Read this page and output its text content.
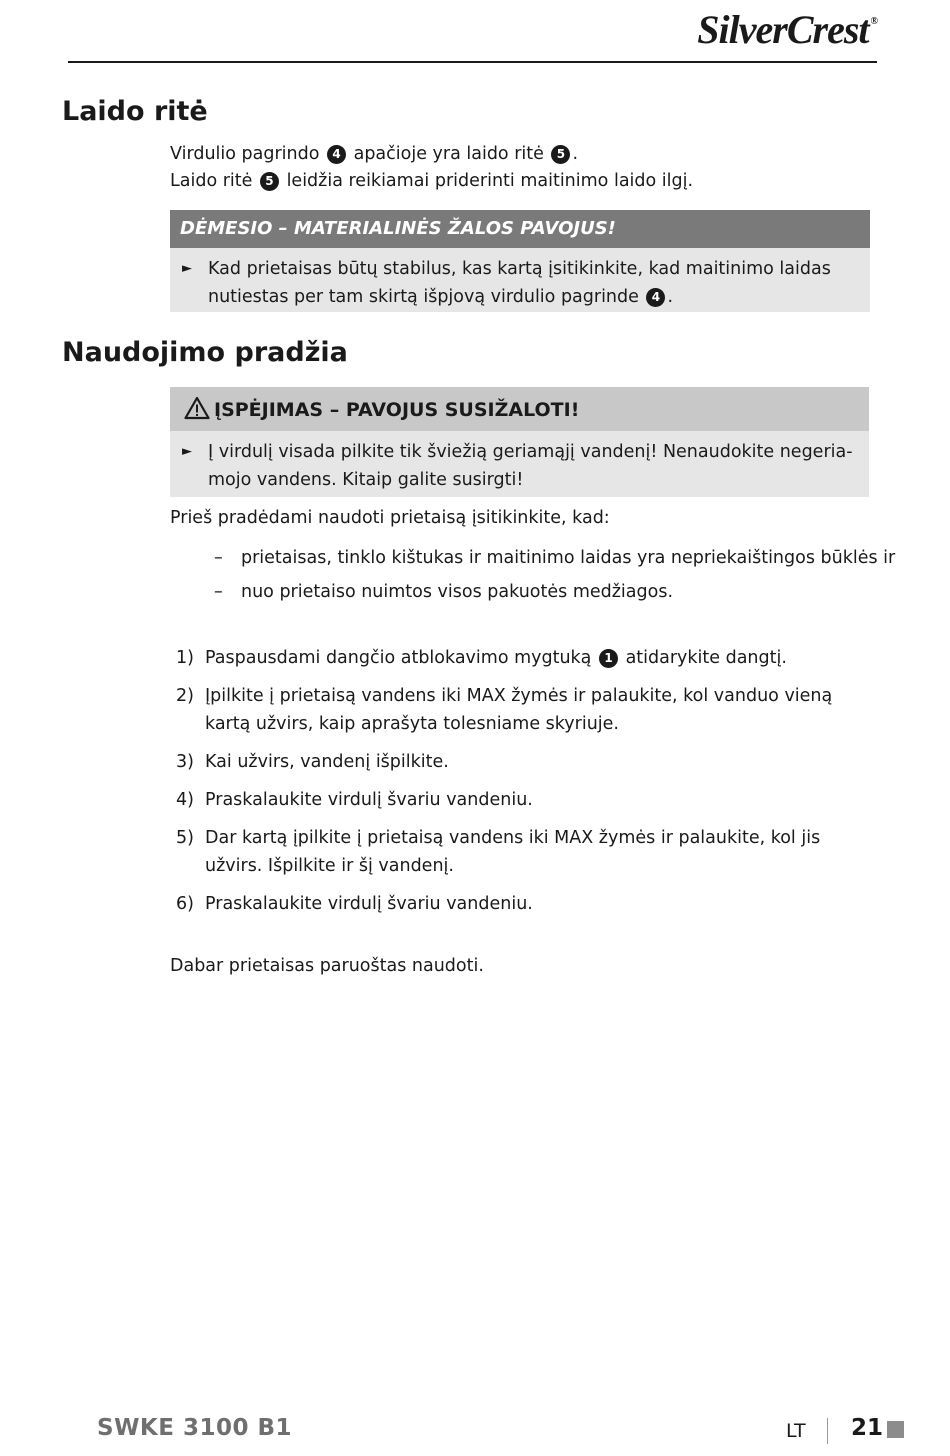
SilverCrest ®
Laido ritė
Virdulio pagrindo 4 apačioje yra laido ritė 5 .
Laido ritė 5 leidžia reikiamai priderinti maitinimo laido ilgį.
DĖMESIO – MATERIALINĖS ŽALOS PAVOJUS!
► Kad prietaisas būtų stabilus, kas kartą įsitikinkite, kad maitinimo laidas
nutiestas per tam skirtą išpjovą virdulio pagrinde 4 .
Naudojimo pradžia
ĮSPĖJIMAS – PAVOJUS SUSIŽALOTI!
► Į virdulį visada pilkite tik šviežią geriamąjį vandenį! Nenaudokite negeria-
mojo vandens. Kitaip galite susirgti!
Prieš pradėdami naudoti prietaisą įsitikinkite, kad:
– prietaisas, tinklo kištukas ir maitinimo laidas yra nepriekaištingos būklės ir
– nuo prietaiso nuimtos visos pakuotės medžiagos.
1) Paspausdami dangčio atblokavimo mygtuką 1 atidarykite dangtį.
2) Įpilkite į prietaisą vandens iki MAX žymės ir palaukite, kol vanduo vieną
kartą užvirs, kaip aprašyta tolesniame skyriuje.
3) Kai užvirs, vandenį išpilkite.
4) Praskalaukite virdulį švariu vandeniu.
5) Dar kartą įpilkite į prietaisą vandens iki MAX žymės ir palaukite, kol jis
užvirs. Išpilkite ir šį vandenį.
6) Praskalaukite virdulį švariu vandeniu.
Dabar prietaisas paruoštas naudoti.
SWKE 3100 B1	LT 21
